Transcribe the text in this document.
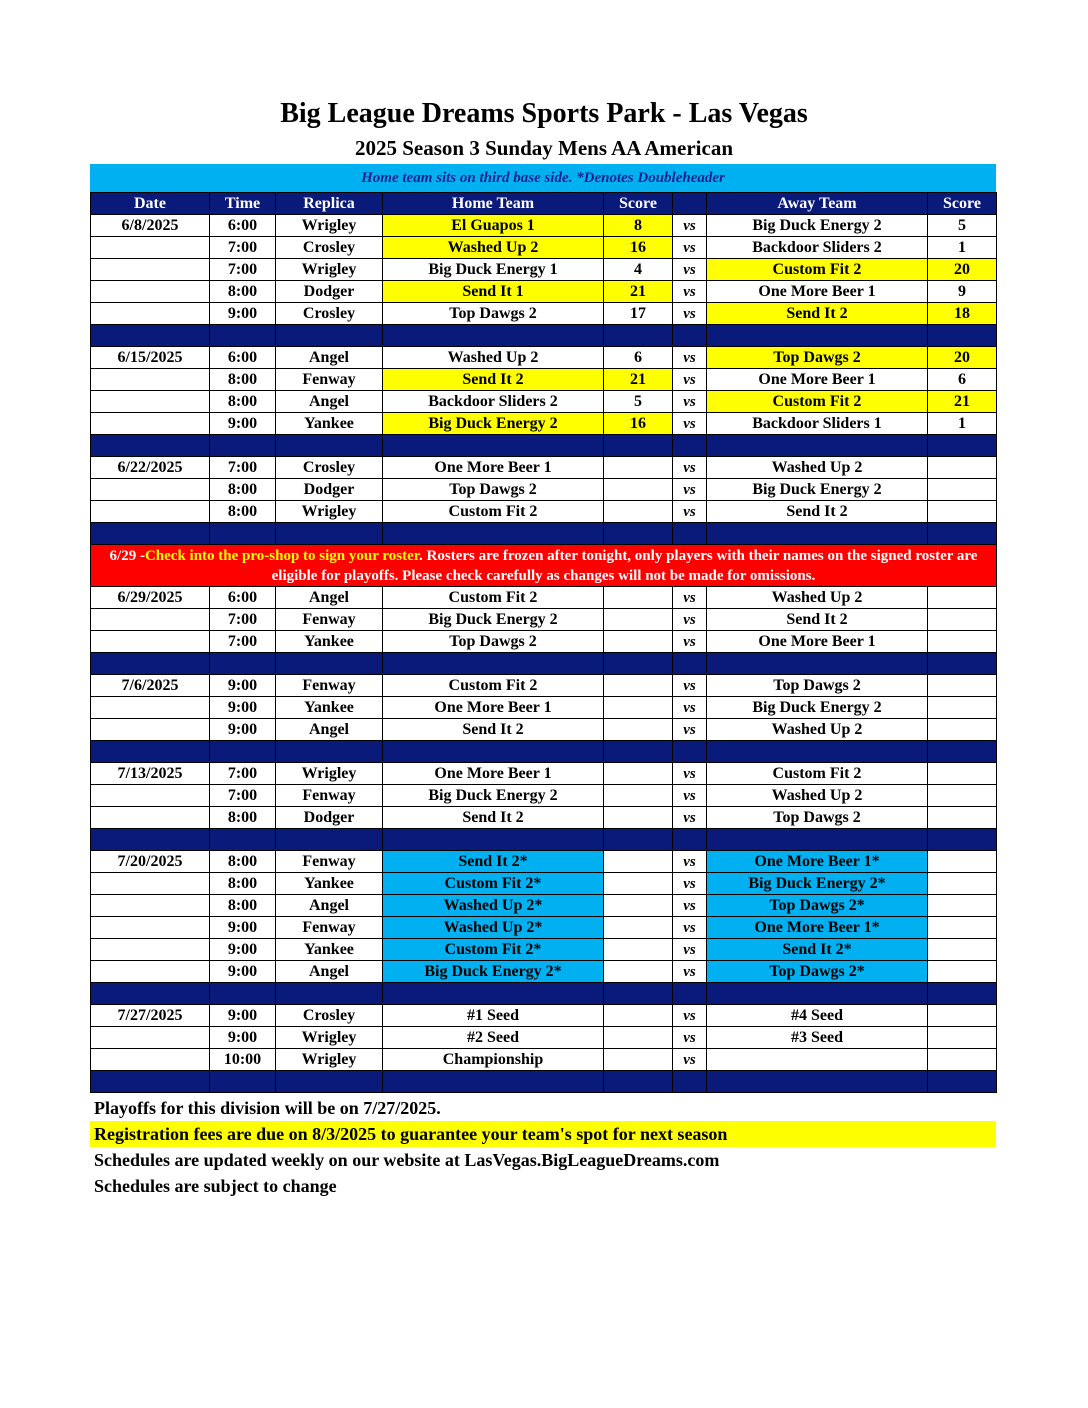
Big League Dreams Sports Park - Las Vegas
2025 Season 3 Sunday Mens AA American
Home team sits on third base side. *Denotes Doubleheader
Date	Time	Replica	Home Team	Score		Away Team	Score
6/8/2025	6:00	Wrigley	El Guapos 1	8	vs	Big Duck Energy 2	5
	7:00	Crosley	Washed Up 2	16	vs	Backdoor Sliders 2	1
	7:00	Wrigley	Big Duck Energy 1	4	vs	Custom Fit 2	20
	8:00	Dodger	Send It 1	21	vs	One More Beer 1	9
	9:00	Crosley	Top Dawgs 2	17	vs	Send It 2	18

6/15/2025	6:00	Angel	Washed Up 2	6	vs	Top Dawgs 2	20
	8:00	Fenway	Send It 2	21	vs	One More Beer 1	6
	8:00	Angel	Backdoor Sliders 2	5	vs	Custom Fit 2	21
	9:00	Yankee	Big Duck Energy 2	16	vs	Backdoor Sliders 1	1

6/22/2025	7:00	Crosley	One More Beer 1		vs	Washed Up 2	
	8:00	Dodger	Top Dawgs 2		vs	Big Duck Energy 2	
	8:00	Wrigley	Custom Fit 2		vs	Send It 2	

6/29 -Check into the pro-shop to sign your roster. Rosters are frozen after tonight, only players with their names on the signed roster are eligible for playoffs. Please check carefully as changes will not be made for omissions.							
6/29/2025	6:00	Angel	Custom Fit 2		vs	Washed Up 2	
	7:00	Fenway	Big Duck Energy 2		vs	Send It 2	
	7:00	Yankee	Top Dawgs 2		vs	One More Beer 1	

7/6/2025	9:00	Fenway	Custom Fit 2		vs	Top Dawgs 2	
	9:00	Yankee	One More Beer 1		vs	Big Duck Energy 2	
	9:00	Angel	Send It 2		vs	Washed Up 2	

7/13/2025	7:00	Wrigley	One More Beer 1		vs	Custom Fit 2	
	7:00	Fenway	Big Duck Energy 2		vs	Washed Up 2	
	8:00	Dodger	Send It 2		vs	Top Dawgs 2	

7/20/2025	8:00	Fenway	Send It 2*		vs	One More Beer 1*	
	8:00	Yankee	Custom Fit 2*		vs	Big Duck Energy 2*	
	8:00	Angel	Washed Up 2*		vs	Top Dawgs 2*	
	9:00	Fenway	Washed Up 2*		vs	One More Beer 1*	
	9:00	Yankee	Custom Fit 2*		vs	Send It 2*	
	9:00	Angel	Big Duck Energy 2*		vs	Top Dawgs 2*	

7/27/2025	9:00	Crosley	#1 Seed		vs	#4 Seed	
	9:00	Wrigley	#2 Seed		vs	#3 Seed	
	10:00	Wrigley	Championship		vs		

Playoffs for this division will be on 7/27/2025.
Registration fees are due on 8/3/2025 to guarantee your team's spot for next season
Schedules are updated weekly on our website at LasVegas.BigLeagueDreams.com
Schedules are subject to change
